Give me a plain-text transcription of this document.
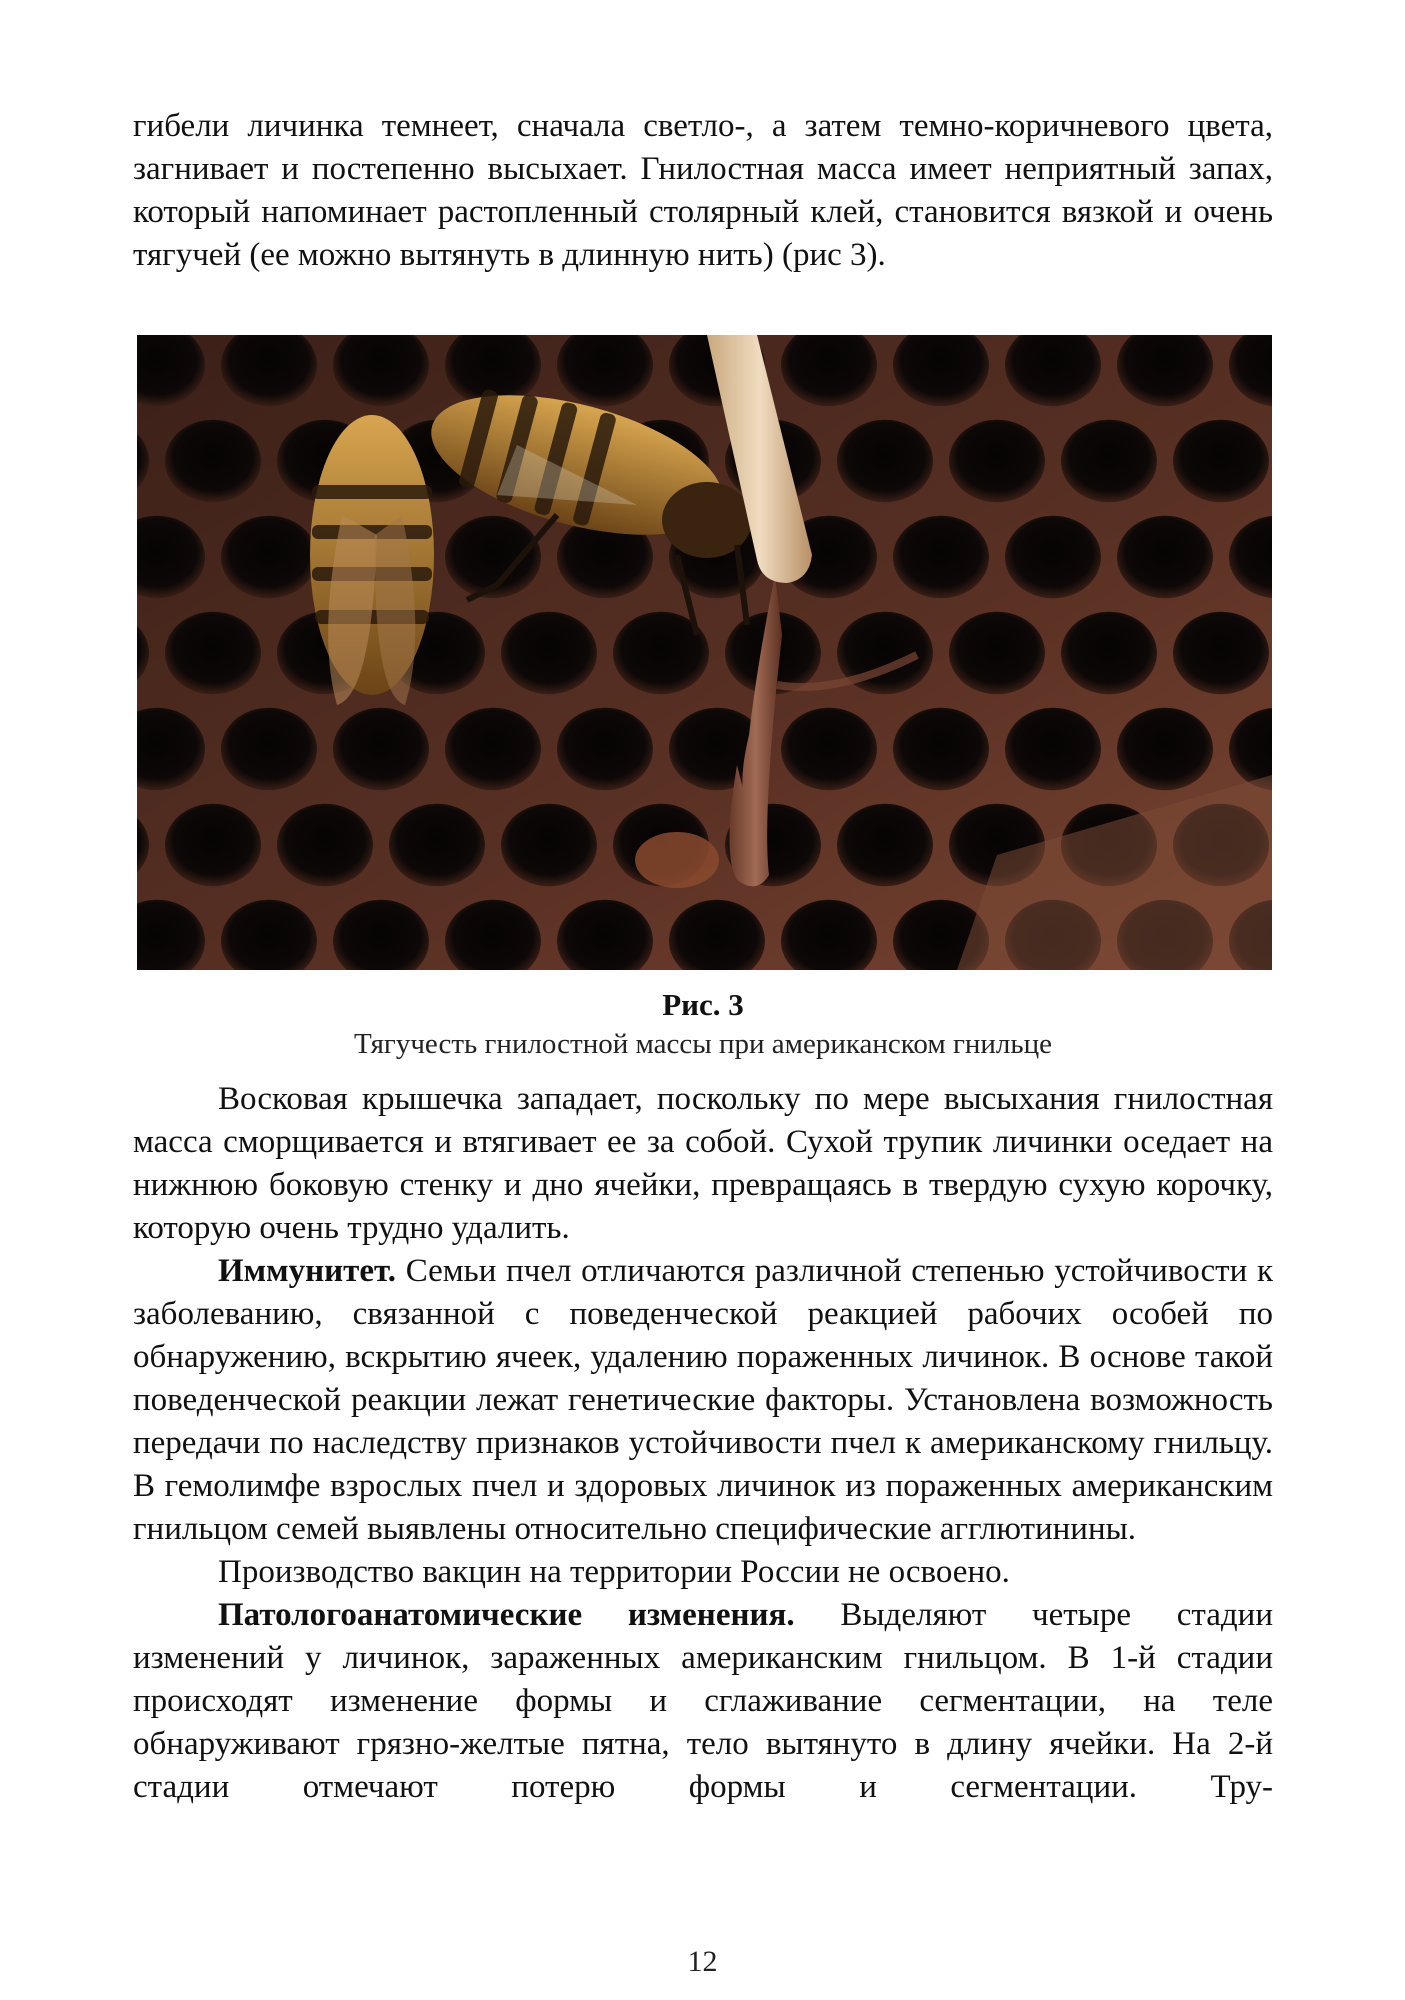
гибели личинка темнеет, сначала светло-, а затем темно-коричневого цвета, загнивает и постепенно высыхает. Гнилостная масса имеет неприятный запах, который напоминает растопленный столярный клей, становится вязкой и очень тягучей (ее можно вытянуть в длинную нить) (рис 3).

Рис. 3
Тягучесть гнилостной массы при американском гнильце

Восковая крышечка западает, поскольку по мере высыхания гнилостная масса сморщивается и втягивает ее за собой. Сухой трупик личинки оседает на нижнюю боковую стенку и дно ячейки, превращаясь в твердую сухую корочку, которую очень трудно удалить.

Иммунитет. Семьи пчел отличаются различной степенью устойчивости к заболеванию, связанной с поведенческой реакцией рабочих особей по обнаружению, вскрытию ячеек, удалению пораженных личинок. В основе такой поведенческой реакции лежат генетические факторы. Установлена возможность передачи по наследству признаков устойчивости пчел к американскому гнильцу. В гемолимфе взрослых пчел и здоровых личинок из пораженных американским гнильцом семей выявлены относительно специфические агглютинины.

Производство вакцин на территории России не освоено.

Патологоанатомические изменения. Выделяют четыре стадии изменений у личинок, зараженных американским гнильцом. В 1-й стадии происходят изменение формы и сглаживание сегментации, на теле обнаруживают грязно-желтые пятна, тело вытянуто в длину ячейки. На 2-й стадии отмечают потерю формы и сегментации. Тру-

12
